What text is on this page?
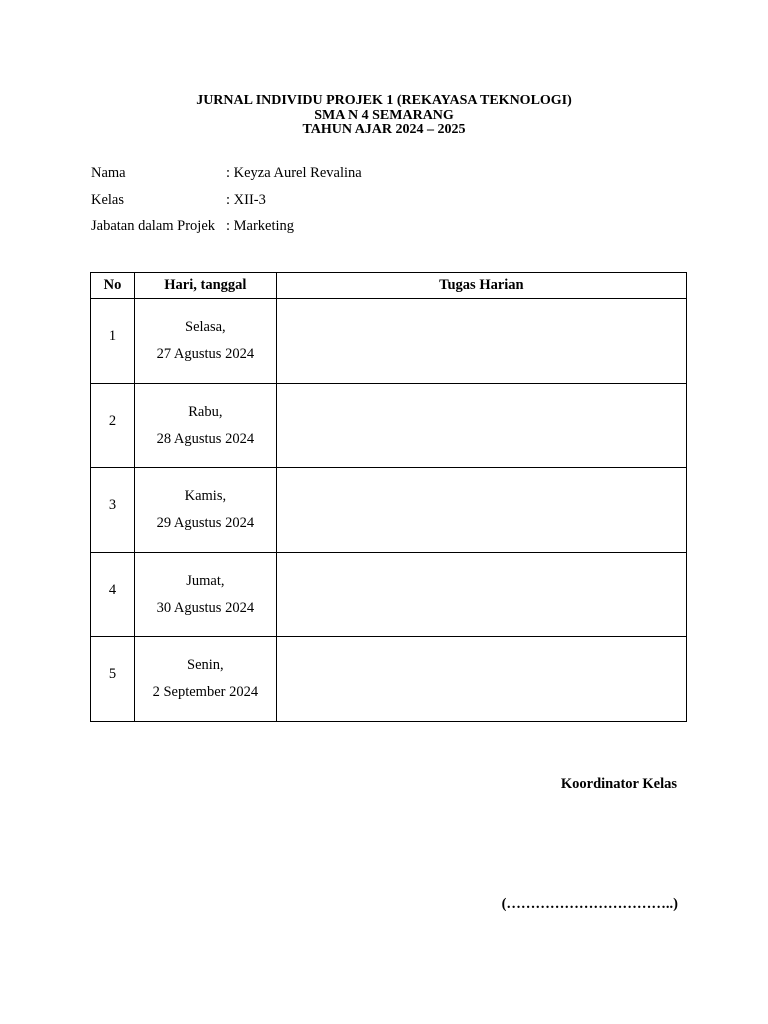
JURNAL INDIVIDU PROJEK 1 (REKAYASA TEKNOLOGI)
SMA N 4 SEMARANG
TAHUN AJAR 2024 – 2025
Nama	: Keyza Aurel Revalina
Kelas	: XII-3
Jabatan dalam Projek : Marketing
No	Hari, tanggal	Tugas Harian

1	Selasa,
27 Agustus 2024	

2	Rabu,
28 Agustus 2024	

3	Kamis,
29 Agustus 2024	

4	Jumat,
30 Agustus 2024	

5	Senin,
2 September 2024	

Koordinator Kelas
(……………………………..)
